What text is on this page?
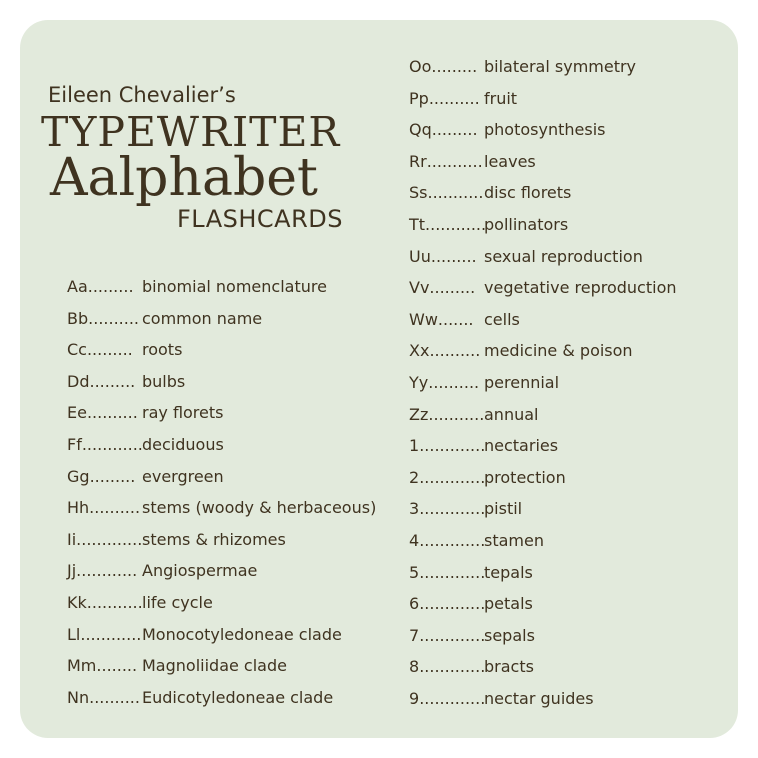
Eileen Chevalier’s
TYPEWRITER
Aalphabet
FLASHCARDS
Aa......... binomial nomenclature
Bb.......... common name
Cc......... roots
Dd......... bulbs
Ee.......... ray florets
Ff............ deciduous
Gg......... evergreen
Hh.......... stems (woody & herbaceous)
Ii............. stems & rhizomes
Jj............ Angiospermae
Kk........... life cycle
Ll............ Monocotyledoneae clade
Mm........ Magnoliidae clade
Nn.......... Eudicotyledoneae clade
Oo......... bilateral symmetry
Pp.......... fruit
Qq......... photosynthesis
Rr........... leaves
Ss........... disc florets
Tt............
pollinators
Uu......... sexual reproduction
Vv......... vegetative reproduction
Ww....... cells
Xx.......... medicine & poison
Yy.......... perennial
Zz........... annual
1.............
nectaries
2.............
protection
3.............
pistil
4.............
stamen
5.............
tepals
6.............
petals
7.............
sepals
8.............
bracts
9.............
nectar guides
